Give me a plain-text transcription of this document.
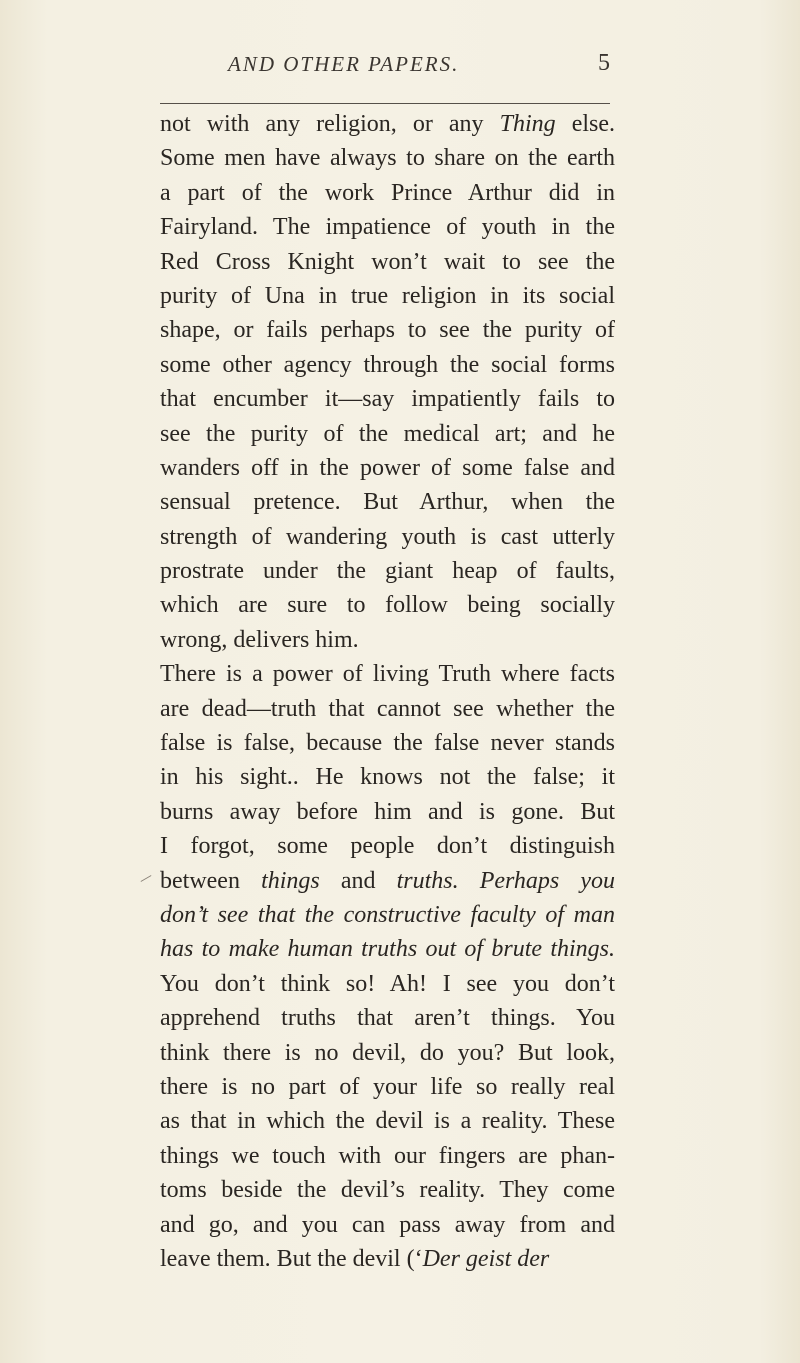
AND OTHER PAPERS.	5
not with any religion, or any Thing else.
Some men have always to share on the earth
a part of the work Prince Arthur did in
Fairyland. The impatience of youth in the
Red Cross Knight won’t wait to see the
purity of Una in true religion in its social
shape, or fails perhaps to see the purity of
some other agency through the social forms
that encumber it—say impatiently fails to
see the purity of the medical art; and he
wanders off in the power of some false and
sensual pretence. But Arthur, when the
strength of wandering youth is cast utterly
prostrate under the giant heap of faults,
which are sure to follow being socially
wrong, delivers him.
There is a power of living Truth where facts
are dead—truth that cannot see whether the
false is false, because the false never stands
in his sight.. He knows not the false; it
burns away before him and is gone. But
I forgot, some people don’t distinguish
between things and truths. Perhaps you
don’t see that the constructive faculty of man
has to make human truths out of brute things.
You don’t think so! Ah! I see you don’t
apprehend truths that aren’t things. You
think there is no devil, do you? But look,
there is no part of your life so really real
as that in which the devil is a reality. These
things we touch with our fingers are phan-
toms beside the devil’s reality. They come
and go, and you can pass away from and
leave them. But the devil (‘Der geist der
